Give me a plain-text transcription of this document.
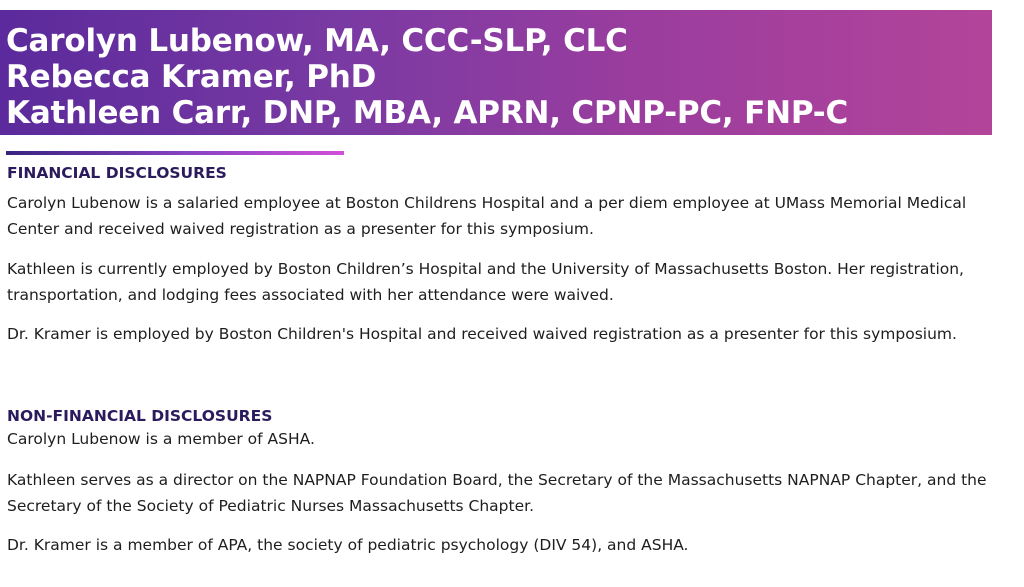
Carolyn Lubenow, MA, CCC-SLP, CLC
Rebecca Kramer, PhD
Kathleen Carr, DNP, MBA, APRN, CPNP-PC, FNP-C
FINANCIAL DISCLOSURES

Carolyn Lubenow is a salaried employee at Boston Childrens Hospital and a per diem employee at UMass Memorial Medical Center and received waived registration as a presenter for this symposium.

Kathleen is currently employed by Boston Children’s Hospital and the University of Massachusetts Boston. Her registration, transportation, and lodging fees associated with her attendance were waived.

Dr. Kramer is employed by Boston Children's Hospital and received waived registration as a presenter for this symposium.

NON-FINANCIAL DISCLOSURES

Carolyn Lubenow is a member of ASHA.

Kathleen serves as a director on the NAPNAP Foundation Board, the Secretary of the Massachusetts NAPNAP Chapter, and the Secretary of the Society of Pediatric Nurses Massachusetts Chapter.

Dr. Kramer is a member of APA, the society of pediatric psychology (DIV 54), and ASHA.
